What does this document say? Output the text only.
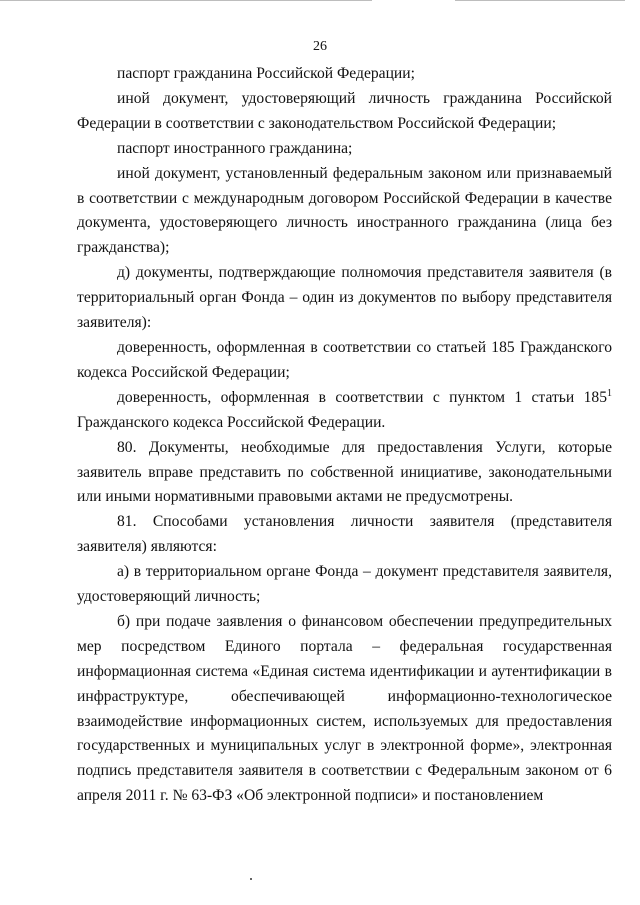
26

паспорт гражданина Российской Федерации;

иной документ, удостоверяющий личность гражданина Российской Федерации в соответствии с законодательством Российской Федерации;

паспорт иностранного гражданина;

иной документ, установленный федеральным законом или признаваемый в соответствии с международным договором Российской Федерации в качестве документа, удостоверяющего личность иностранного гражданина (лица без гражданства);

д) документы, подтверждающие полномочия представителя заявителя (в территориальный орган Фонда – один из документов по выбору представителя заявителя):

доверенность, оформленная в соответствии со статьей 185 Гражданского кодекса Российской Федерации;

доверенность, оформленная в соответствии с пунктом 1 статьи $185^1$ Гражданского кодекса Российской Федерации.

80. Документы, необходимые для предоставления Услуги, которые заявитель вправе представить по собственной инициативе, законодательными или иными нормативными правовыми актами не предусмотрены.

81. Способами установления личности заявителя (представителя заявителя) являются:

а) в территориальном органе Фонда – документ представителя заявителя, удостоверяющий личность;

б) при подаче заявления о финансовом обеспечении предупредительных мер посредством Единого портала – федеральная государственная информационная система «Единая система идентификации и аутентификации в инфраструктуре, обеспечивающей информационно-технологическое взаимодействие информационных систем, используемых для предоставления государственных и муниципальных услуг в электронной форме», электронная подпись представителя заявителя в соответствии с Федеральным законом от 6 апреля 2011 г. № 63-ФЗ «Об электронной подписи» и постановлением
